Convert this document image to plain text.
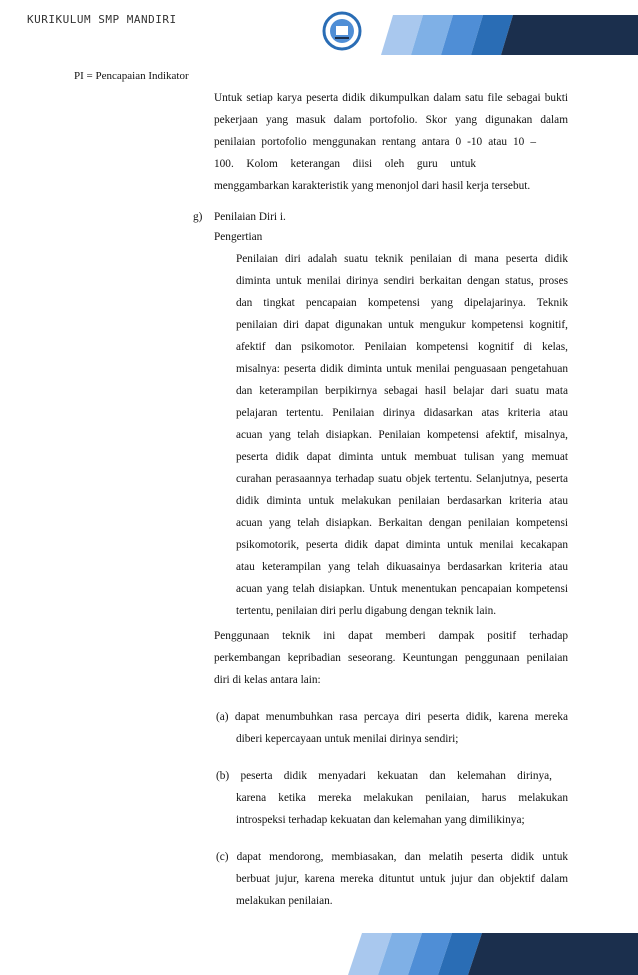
KURIKULUM SMP MANDIRI
PI = Pencapaian Indikator
Untuk setiap karya peserta didik dikumpulkan dalam satu file sebagai bukti
pekerjaan yang masuk dalam portofolio. Skor yang digunakan dalam
penilaian portofolio menggunakan rentang antara 0 -10 atau 10 –
100. Kolom keterangan diisi oleh guru untuk
menggambarkan karakteristik yang menonjol dari hasil kerja tersebut.
g) Penilaian Diri i.
Pengertian
Penilaian diri adalah suatu teknik penilaian di mana peserta didik
diminta untuk menilai dirinya sendiri berkaitan dengan status, proses
dan tingkat pencapaian kompetensi yang dipelajarinya. Teknik
penilaian diri dapat digunakan untuk mengukur kompetensi kognitif,
afektif dan psikomotor. Penilaian kompetensi kognitif di kelas,
misalnya: peserta didik diminta untuk menilai penguasaan pengetahuan
dan keterampilan berpikirnya sebagai hasil belajar dari suatu mata
pelajaran tertentu. Penilaian dirinya didasarkan atas kriteria atau
acuan yang telah disiapkan. Penilaian kompetensi afektif, misalnya,
peserta didik dapat diminta untuk membuat tulisan yang memuat
curahan perasaannya terhadap suatu objek tertentu. Selanjutnya, peserta
didik diminta untuk melakukan penilaian berdasarkan kriteria atau
acuan yang telah disiapkan. Berkaitan dengan penilaian kompetensi
psikomotorik, peserta didik dapat diminta untuk menilai kecakapan
atau keterampilan yang telah dikuasainya berdasarkan kriteria atau
acuan yang telah disiapkan. Untuk menentukan pencapaian kompetensi
tertentu, penilaian diri perlu digabung dengan teknik lain.
Penggunaan teknik ini dapat memberi dampak positif terhadap
perkembangan kepribadian seseorang. Keuntungan penggunaan penilaian
diri di kelas antara lain:
(a) dapat menumbuhkan rasa percaya diri peserta didik, karena mereka
diberi kepercayaan untuk menilai dirinya sendiri;
(b) peserta didik menyadari kekuatan dan kelemahan dirinya,
karena ketika mereka melakukan penilaian, harus melakukan
introspeksi terhadap kekuatan dan kelemahan yang dimilikinya;
(c) dapat mendorong, membiasakan, dan melatih peserta didik untuk
berbuat jujur, karena mereka dituntut untuk jujur dan objektif dalam
melakukan penilaian.
